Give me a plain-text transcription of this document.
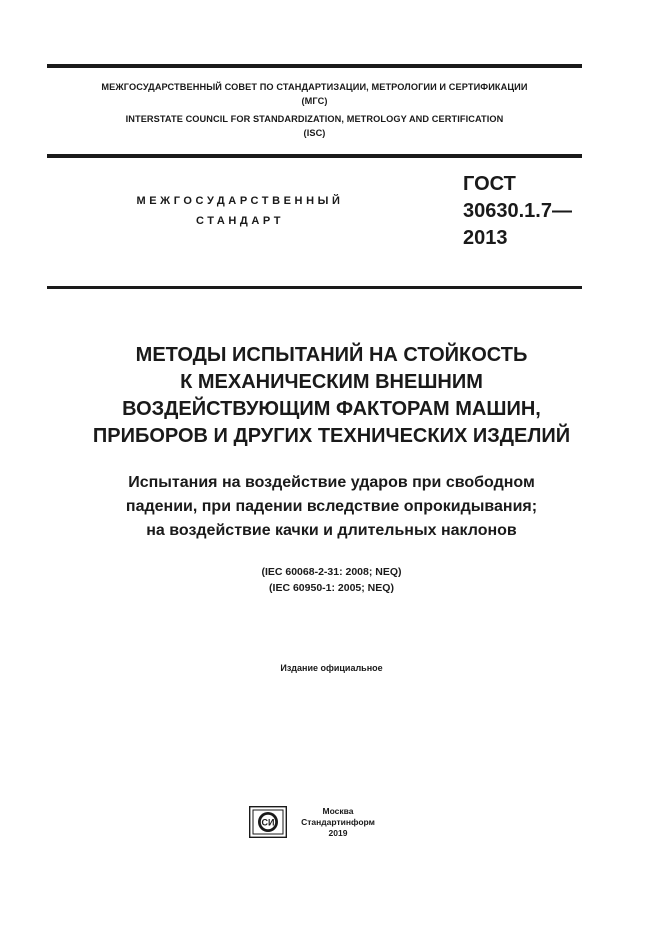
МЕЖГОСУДАРСТВЕННЫЙ СОВЕТ ПО СТАНДАРТИЗАЦИИ, МЕТРОЛОГИИ И СЕРТИФИКАЦИИ
(МГС)
INTERSTATE COUNCIL FOR STANDARDIZATION, METROLOGY AND CERTIFICATION
(ISC)
МЕЖГОСУДАРСТВЕННЫЙ
СТАНДАРТ
ГОСТ
30630.1.7—
2013
МЕТОДЫ ИСПЫТАНИЙ НА СТОЙКОСТЬ
К МЕХАНИЧЕСКИМ ВНЕШНИМ
ВОЗДЕЙСТВУЮЩИМ ФАКТОРАМ МАШИН,
ПРИБОРОВ И ДРУГИХ ТЕХНИЧЕСКИХ ИЗДЕЛИЙ
Испытания на воздействие ударов при свободном
падении, при падении вследствие опрокидывания;
на воздействие качки и длительных наклонов
(IEC 60068-2-31: 2008; NEQ)
(IEC 60950-1: 2005; NEQ)
Издание официальное
СИ
Москва
Стандартинформ
2019
